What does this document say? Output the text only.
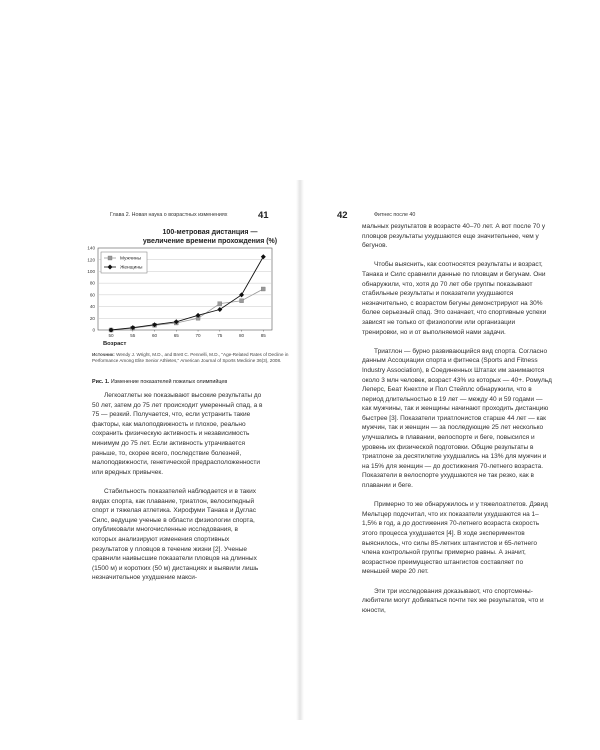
Глава 2. Новая наука о возрастных изменениях	41
100-метровая дистанция —
увеличение времени прохождения (%)
0
20
40
60
80
100
120
140
50	55	60	65	70	75	80	85
Возраст
Мужчины
Женщины
Источник: Wendy J. Wright, M.D., and Brett C. Pennelli, M.D., "Age-Related Rates of Decline in Performance Among Elite Senior Athletes," American Journal of Sports Medicine 36(3), 2008.
Рис. 1. Изменение показателей пожилых олимпийцев

Легкоатлеты же показывают высокие результаты до 50 лет, затем до 75 лет происходит умеренный спад, а в 75 — резкий. Получается, что, если устранить такие факторы, как малоподвижность и плохое, реально сохранить физическую активность и независимость минимум до 75 лет. Если активность утрачивается раньше, то, скорее всего, последствие болезней, малоподвижности, генетической предрасположенности или вредных привычек.

Стабильность показателей наблюдается и в таких видах спорта, как плавание, триатлон, велосипедный спорт и тяжелая атлетика. Хирофуми Танака и Дуглас Силс, ведущие ученые в области физиологии спорта, опубликовали многочисленные исследования, в которых анализируют изменения спортивных результатов у пловцов в течение жизни [2]. Ученые сравнили наивысшие показатели пловцов на длинных (1500 м) и коротких (50 м) дистанциях и выявили лишь незначительное ухудшение макси-

42	Фитнес после 40

мальных результатов в возрасте 40–70 лет. А вот после 70 у пловцов результаты ухудшаются еще значительнее, чем у бегунов.

Чтобы выяснить, как соотносятся результаты и возраст, Танака и Силс сравнили данные по пловцам и бегунам. Они обнаружили, что, хотя до 70 лет обе группы показывают стабильные результаты и показатели ухудшаются незначительно, с возрастом бегуны демонстрируют на 30% более серьезный спад. Это означает, что спортивные успехи зависят не только от физиологии или организации тренировки, но и от выполняемой нами задачи.

Триатлон — бурно развивающийся вид спорта. Согласно данным Ассоциации спорта и фитнеса (Sports and Fitness Industry Association), в Соединенных Штатах им занимаются около 3 млн человек, возраст 43% из которых — 40+. Ромульд Леперс, Беат Кнехтле и Пол Стейплс обнаружили, что в период длительностью в 19 лет — между 40 и 59 годами — как мужчины, так и женщины начинают проходить дистанцию быстрее [3]. Показатели триатлонистов старше 44 лет — как мужчин, так и женщин — за последующие 25 лет несколько улучшались в плавании, велоспорте и беге, повысился и уровень их физической подготовки. Общие результаты в триатлоне за десятилетие ухудшались на 13% для мужчин и на 15% для женщин — до достижения 70-летнего возраста. Показатели в велоспорте ухудшаются не так резко, как в плавании и беге.

Примерно то же обнаружилось и у тяжелоатлетов. Дэвид Мельтцер подсчитал, что их показатели ухудшаются на 1–1,5% в год, а до достижения 70-летнего возраста скорость этого процесса ухудшается [4]. В ходе экспериментов выяснилось, что силы 85-летних штангистов и 65-летнего члена контрольной группы примерно равны. А значит, возрастное преимущество штангистов составляет по меньшей мере 20 лет.

Эти три исследования доказывают, что спортсмены-любители могут добиваться почти тех же результатов, что и юности,
